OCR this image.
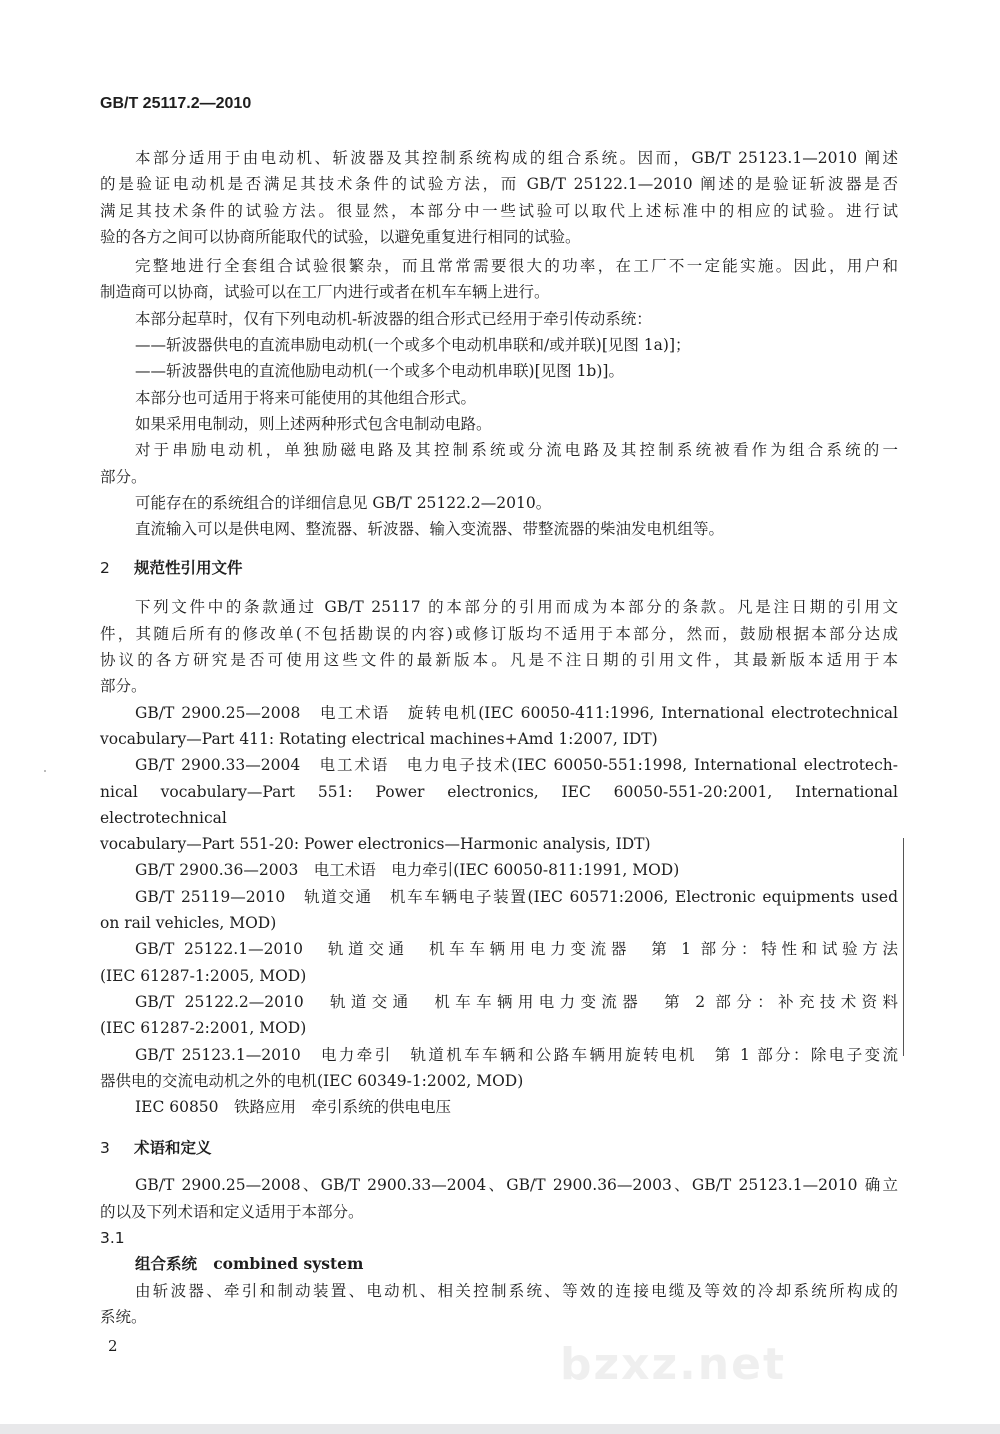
GB/T 25117.2—2010
本部分适用于由电动机、斩波器及其控制系统构成的组合系统。因而，GB/T 25123.1—2010 阐述
的是验证电动机是否满足其技术条件的试验方法，而 GB/T 25122.1—2010 阐述的是验证斩波器是否
满足其技术条件的试验方法。很显然，本部分中一些试验可以取代上述标准中的相应的试验。进行试
验的各方之间可以协商所能取代的试验，以避免重复进行相同的试验。
完整地进行全套组合试验很繁杂，而且常常需要很大的功率，在工厂不一定能实施。因此，用户和
制造商可以协商，试验可以在工厂内进行或者在机车车辆上进行。
本部分起草时，仅有下列电动机-斩波器的组合形式已经用于牵引传动系统：
——斩波器供电的直流串励电动机(一个或多个电动机串联和/或并联)[见图 1a)]；
——斩波器供电的直流他励电动机(一个或多个电动机串联)[见图 1b)]。
本部分也可适用于将来可能使用的其他组合形式。
如果采用电制动，则上述两种形式包含电制动电路。
对于串励电动机，单独励磁电路及其控制系统或分流电路及其控制系统被看作为组合系统的一
部分。
可能存在的系统组合的详细信息见 GB/T 25122.2—2010。
直流输入可以是供电网、整流器、斩波器、输入变流器、带整流器的柴油发电机组等。
2 规范性引用文件
下列文件中的条款通过 GB/T 25117 的本部分的引用而成为本部分的条款。凡是注日期的引用文
件，其随后所有的修改单(不包括勘误的内容)或修订版均不适用于本部分，然而，鼓励根据本部分达成
协议的各方研究是否可使用这些文件的最新版本。凡是不注日期的引用文件，其最新版本适用于本
部分。
GB/T 2900.25—2008　电工术语　旋转电机(IEC 60050-411:1996, International electrotechnical
vocabulary—Part 411: Rotating electrical machines+Amd 1:2007, IDT)
GB/T 2900.33—2004　电工术语　电力电子技术(IEC 60050-551:1998, International electrotech-
nical vocabulary—Part 551: Power electronics, IEC 60050-551-20:2001, International electrotechnical
vocabulary—Part 551-20: Power electronics—Harmonic analysis, IDT)
GB/T 2900.36—2003　电工术语　电力牵引(IEC 60050-811:1991, MOD)
GB/T 25119—2010　轨道交通　机车车辆电子装置(IEC 60571:2006, Electronic equipments used
on rail vehicles, MOD)
GB/T 25122.1—2010　轨道交通　机车车辆用电力变流器　第 1 部分：特性和试验方法
(IEC 61287-1:2005, MOD)
GB/T 25122.2—2010　轨道交通　机车车辆用电力变流器　第 2 部分：补充技术资料
(IEC 61287-2:2001, MOD)
GB/T 25123.1—2010　电力牵引　轨道机车车辆和公路车辆用旋转电机　第 1 部分：除电子变流
器供电的交流电动机之外的电机(IEC 60349-1:2002, MOD)
IEC 60850　铁路应用　牵引系统的供电电压
3 术语和定义
GB/T 2900.25—2008、GB/T 2900.33—2004、GB/T 2900.36—2003、GB/T 25123.1—2010 确立
的以及下列术语和定义适用于本部分。
3.1
组合系统 combined system
由斩波器、牵引和制动装置、电动机、相关控制系统、等效的连接电缆及等效的冷却系统所构成的
系统。
2	bzxz.net
